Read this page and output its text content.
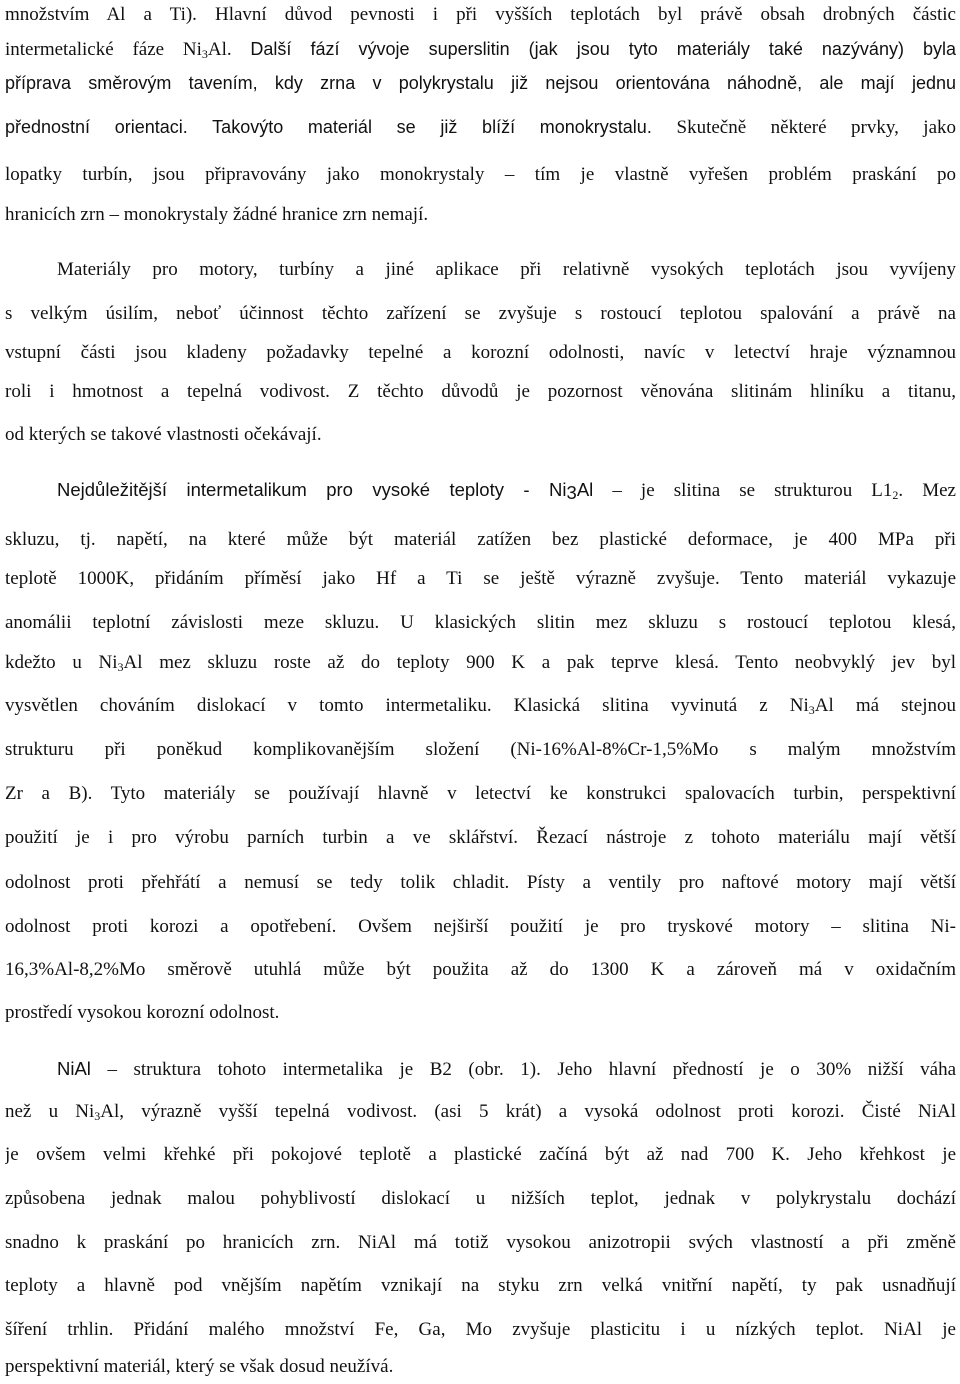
množstvím Al a Ti). Hlavní důvod pevnosti i při vyšších teplotách byl právě obsah drobných částic
intermetalické fáze $Ni_3Al$. Další fází vývoje superslitin (jak jsou tyto materiály také nazývány) byla
příprava směrovým tavením, kdy zrna v polykrystalu již nejsou orientována náhodně, ale mají jednu
přednostní orientaci. Takovýto materiál se již blíží monokrystalu. Skutečně některé prvky, jako
lopatky turbín, jsou připravovány jako monokrystaly – tím je vlastně vyřešen problém praskání po
hranicích zrn – monokrystaly žádné hranice zrn nemají.
Materiály pro motory, turbíny a jiné aplikace při relativně vysokých teplotách jsou vyvíjeny
s velkým úsilím, neboť účinnost těchto zařízení se zvyšuje s rostoucí teplotou spalování a právě na
vstupní části jsou kladeny požadavky tepelné a korozní odolnosti, navíc v letectví hraje významnou
roli i hmotnost a tepelná vodivost. Z těchto důvodů je pozornost věnována slitinám hliníku a titanu,
od kterých se takové vlastnosti očekávají.
Nejdůležitější intermetalikum pro vysoké teploty - $Ni_3Al$ – je slitina se strukturou $L1_2$. Mez
skluzu, tj. napětí, na které může být materiál zatížen bez plastické deformace, je 400 MPa při
teplotě 1000K, přidáním příměsí jako Hf a Ti se ještě výrazně zvyšuje. Tento materiál vykazuje
anomálii teplotní závislosti meze skluzu. U klasických slitin mez skluzu s rostoucí teplotou klesá,
kdežto u $Ni_3Al$ mez skluzu roste až do teploty 900 K a pak teprve klesá. Tento neobvyklý jev byl
vysvětlen chováním dislokací v tomto intermetaliku. Klasická slitina vyvinutá z $Ni_3Al$ má stejnou
strukturu při poněkud komplikovanějším složení (Ni-16%Al-8%Cr-1,5%Mo s malým množstvím
Zr a B). Tyto materiály se používají hlavně v letectví ke konstrukci spalovacích turbin, perspektivní
použití je i pro výrobu parních turbin a ve sklářství. Řezací nástroje z tohoto materiálu mají větší
odolnost proti přehřátí a nemusí se tedy tolik chladit. Písty a ventily pro naftové motory mají větší
odolnost proti korozi a opotřebení. Ovšem nejširší použití je pro tryskové motory – slitina Ni-
16,3%Al-8,2%Mo směrově utuhlá může být použita až do 1300 K a zároveň má v oxidačním
prostředí vysokou korozní odolnost.
NiAl – struktura tohoto intermetalika je B2 (obr. 1). Jeho hlavní předností je o 30% nižší váha
než u $Ni_3Al$, výrazně vyšší tepelná vodivost. (asi 5 krát) a vysoká odolnost proti korozi. Čisté NiAl
je ovšem velmi křehké při pokojové teplotě a plastické začíná být až nad 700 K. Jeho křehkost je
způsobena jednak malou pohyblivostí dislokací u nižších teplot, jednak v polykrystalu dochází
snadno k praskání po hranicích zrn. NiAl má totiž vysokou anizotropii svých vlastností a při změně
teploty a hlavně pod vnějším napětím vznikají na styku zrn velká vnitřní napětí, ty pak usnadňují
šíření trhlin. Přidání malého množství Fe, Ga, Mo zvyšuje plasticitu i u nízkých teplot. NiAl je
perspektivní materiál, který se však dosud neužívá.
